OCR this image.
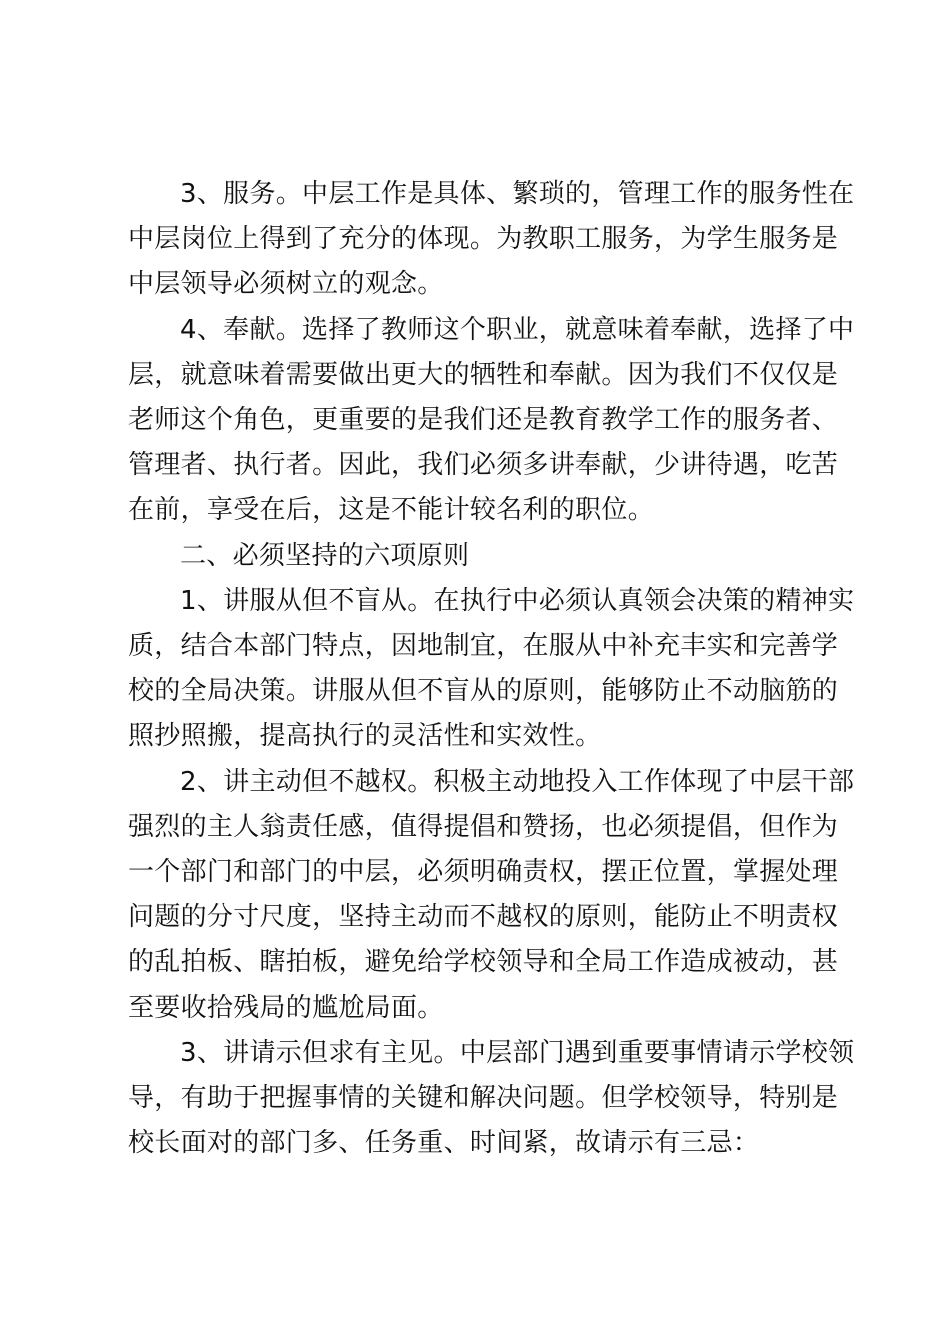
3、服务。中层工作是具体、繁琐的，管理工作的服务性在
中层岗位上得到了充分的体现。为教职工服务，为学生服务是
中层领导必须树立的观念。

4、奉献。选择了教师这个职业，就意味着奉献，选择了中
层，就意味着需要做出更大的牺牲和奉献。因为我们不仅仅是
老师这个角色，更重要的是我们还是教育教学工作的服务者、
管理者、执行者。因此，我们必须多讲奉献，少讲待遇，吃苦
在前，享受在后，这是不能计较名利的职位。

二、必须坚持的六项原则

1、讲服从但不盲从。在执行中必须认真领会决策的精神实
质，结合本部门特点，因地制宜，在服从中补充丰实和完善学
校的全局决策。讲服从但不盲从的原则，能够防止不动脑筋的
照抄照搬，提高执行的灵活性和实效性。

2、讲主动但不越权。积极主动地投入工作体现了中层干部
强烈的主人翁责任感，值得提倡和赞扬，也必须提倡，但作为
一个部门和部门的中层，必须明确责权，摆正位置，掌握处理
问题的分寸尺度，坚持主动而不越权的原则，能防止不明责权
的乱拍板、瞎拍板，避免给学校领导和全局工作造成被动，甚
至要收拾残局的尴尬局面。

3、讲请示但求有主见。中层部门遇到重要事情请示学校领
导，有助于把握事情的关键和解决问题。但学校领导，特别是
校长面对的部门多、任务重、时间紧，故请示有三忌：
